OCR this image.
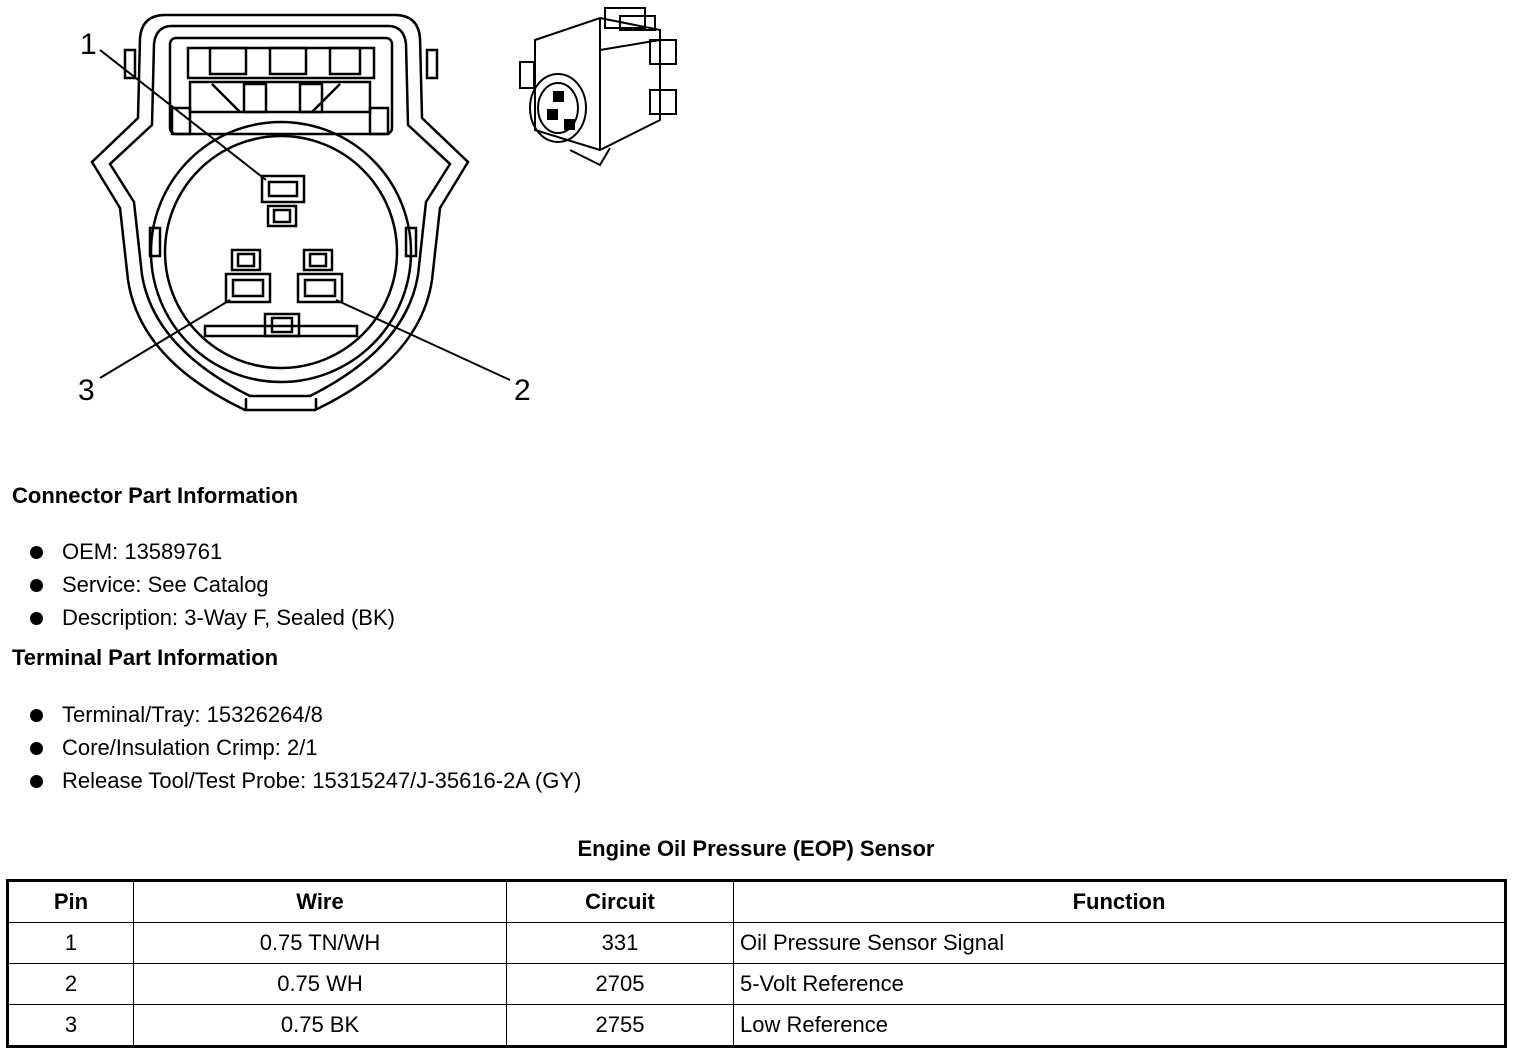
1
2
3
Connector Part Information
OEM: 13589761
Service: See Catalog
Description: 3-Way F, Sealed (BK)
Terminal Part Information
Terminal/Tray: 15326264/8
Core/Insulation Crimp: 2/1
Release Tool/Test Probe: 15315247/J-35616-2A (GY)
Engine Oil Pressure (EOP) Sensor
Pin	Wire	Circuit	Function
1	0.75 TN/WH	331	Oil Pressure Sensor Signal
2	0.75 WH	2705	5-Volt Reference
3	0.75 BK	2755	Low Reference
